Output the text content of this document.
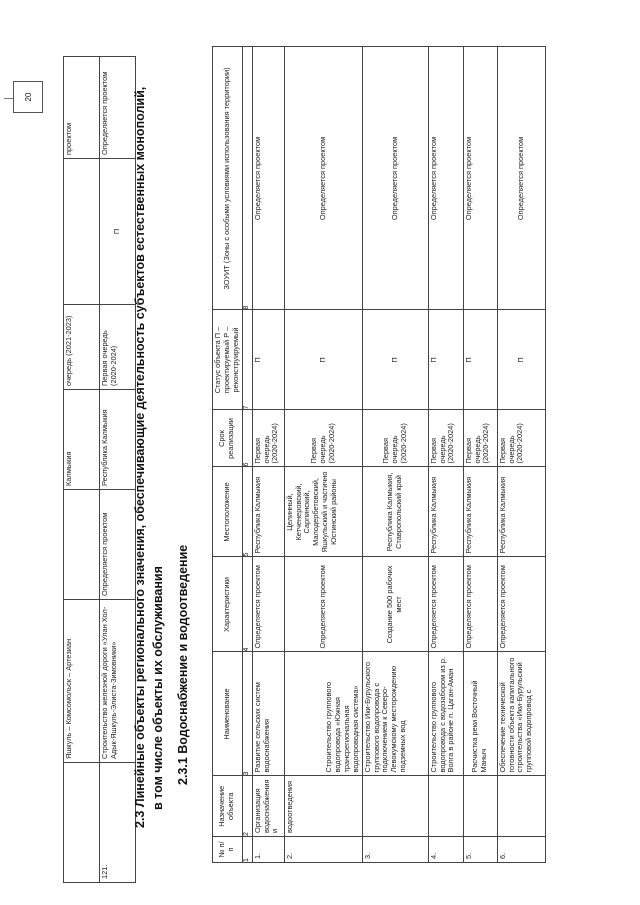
20
	Яшкуль – Комсомольск – Артезиан		Калмыкия	очередь (2021-2023)		проектом
121.	Строительство железной дороги «Улан Хол-Адык-Яшкуль-Элиста-Зимовники»	Определяется проектом	Республика Калмыкия	Первая очередь (2020-2024)	П	Определяется проектом 2.3 Линейные объекты регионального значения, обеспечивающие деятельность субъектов естественных монополий, в том числе объекты их обслуживания 2.3.1 Водоснабжение и водоотведение
№ п/п	Назначение объекта	Наименование	Характеристики	Местоположение	Срок реализации	Статус объекта П – проектируемый Р – реконструируемый	ЗОУИТ (Зоны с особыми условиями использования территории)
1	2	3	4	5	6	7	8
1.	Организация водоснабжения и	Развитие сельских систем водоснабжения	Определяется проектом	Республика Калмыкия	Первая очередь (2020-2024)	П	Определяется проектом
2.	водоотведения	Строительство группового водопровода «Южная трансрегиональная водопроводная система»	Определяется проектом	Целинный, Кетченеровский, Сарпинский, Малодербетовский, Яшкульский и частично Юстинский районы	Первая очередь (2020-2024)	П	Определяется проектом
3.		Строительство Ики-Бурульского группового водопровода с подключением к Северо-Левокумскому месторождению подземных вод	Создание 500 рабочих мест	Республика Калмыкия, Ставропольский край	Первая очередь (2020-2024)	П	Определяется проектом
4.		Строительство группового водопровода с водозабором из р. Волга в районе п. Цаган-Аман	Определяется проектом	Республика Калмыкия	Первая очередь (2020-2024)	П	Определяется проектом
5.		Расчистка реки Восточный Маныч	Определяется проектом	Республика Калмыкия	Первая очередь (2020-2024)	П	Определяется проектом
6.		Обеспечение технической готовности объекта капитального строительства «Ики-Бурульский групповой водопровод с	Определяется проектом	Республика Калмыкия	Первая очередь (2020-2024)	П	Определяется проектом
